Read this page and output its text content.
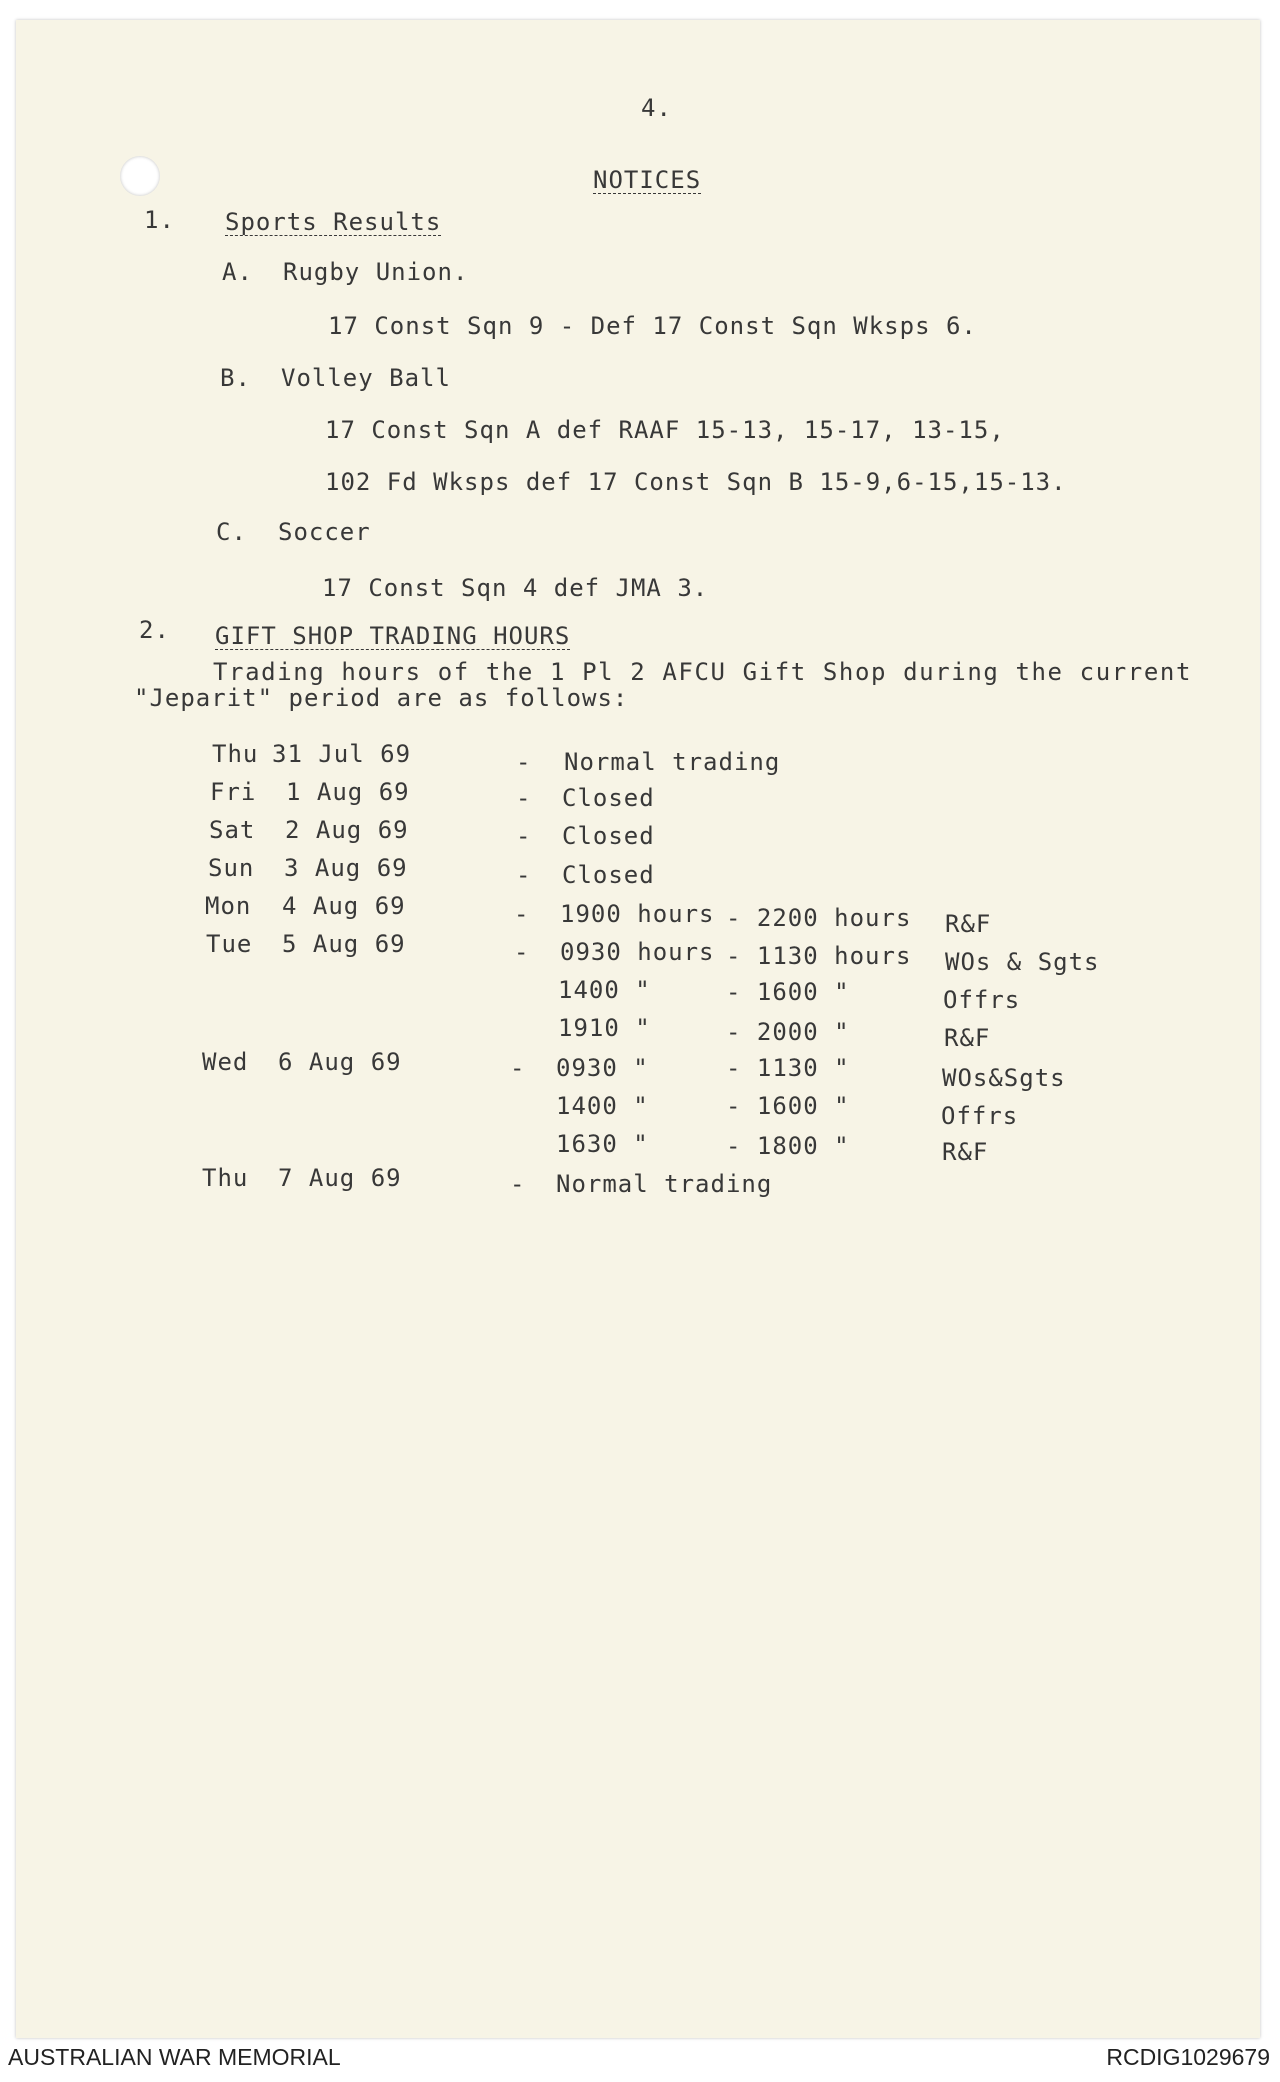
4.
NOTICES
1. Sports Results
A. Rugby Union.
17 Const Sqn 9 - Def 17 Const Sqn Wksps 6.
B. Volley Ball
17 Const Sqn A def RAAF 15-13, 15-17, 13-15,
102 Fd Wksps def 17 Const Sqn B 15-9,6-15,15-13.
C. Soccer
17 Const Sqn 4 def JMA 3.
2. GIFT SHOP TRADING HOURS
Trading hours of the 1 Pl 2 AFCU Gift Shop during the current
"Jeparit" period are as follows:
Thu 31 Jul 69	- Normal trading
Fri 1 Aug 69	- Closed
Sat 2 Aug 69	- Closed
Sun 3 Aug 69	- Closed
Mon 4 Aug 69	- 1900 hours - 2200 hours R&F
Tue 5 Aug 69	- 0930 hours - 1130 hours WOs & Sgts
1400 "	- 1600 "	Offrs
1910 "	- 2000 "	R&F
Wed 6 Aug 69	- 0930 "	- 1130 "	WOs&Sgts
1400 "	- 1600 "	Offrs
1630 "	- 1800 "	R&F
Thu 7 Aug 69	- Normal trading
AUSTRALIAN WAR MEMORIAL	RCDIG1029679
